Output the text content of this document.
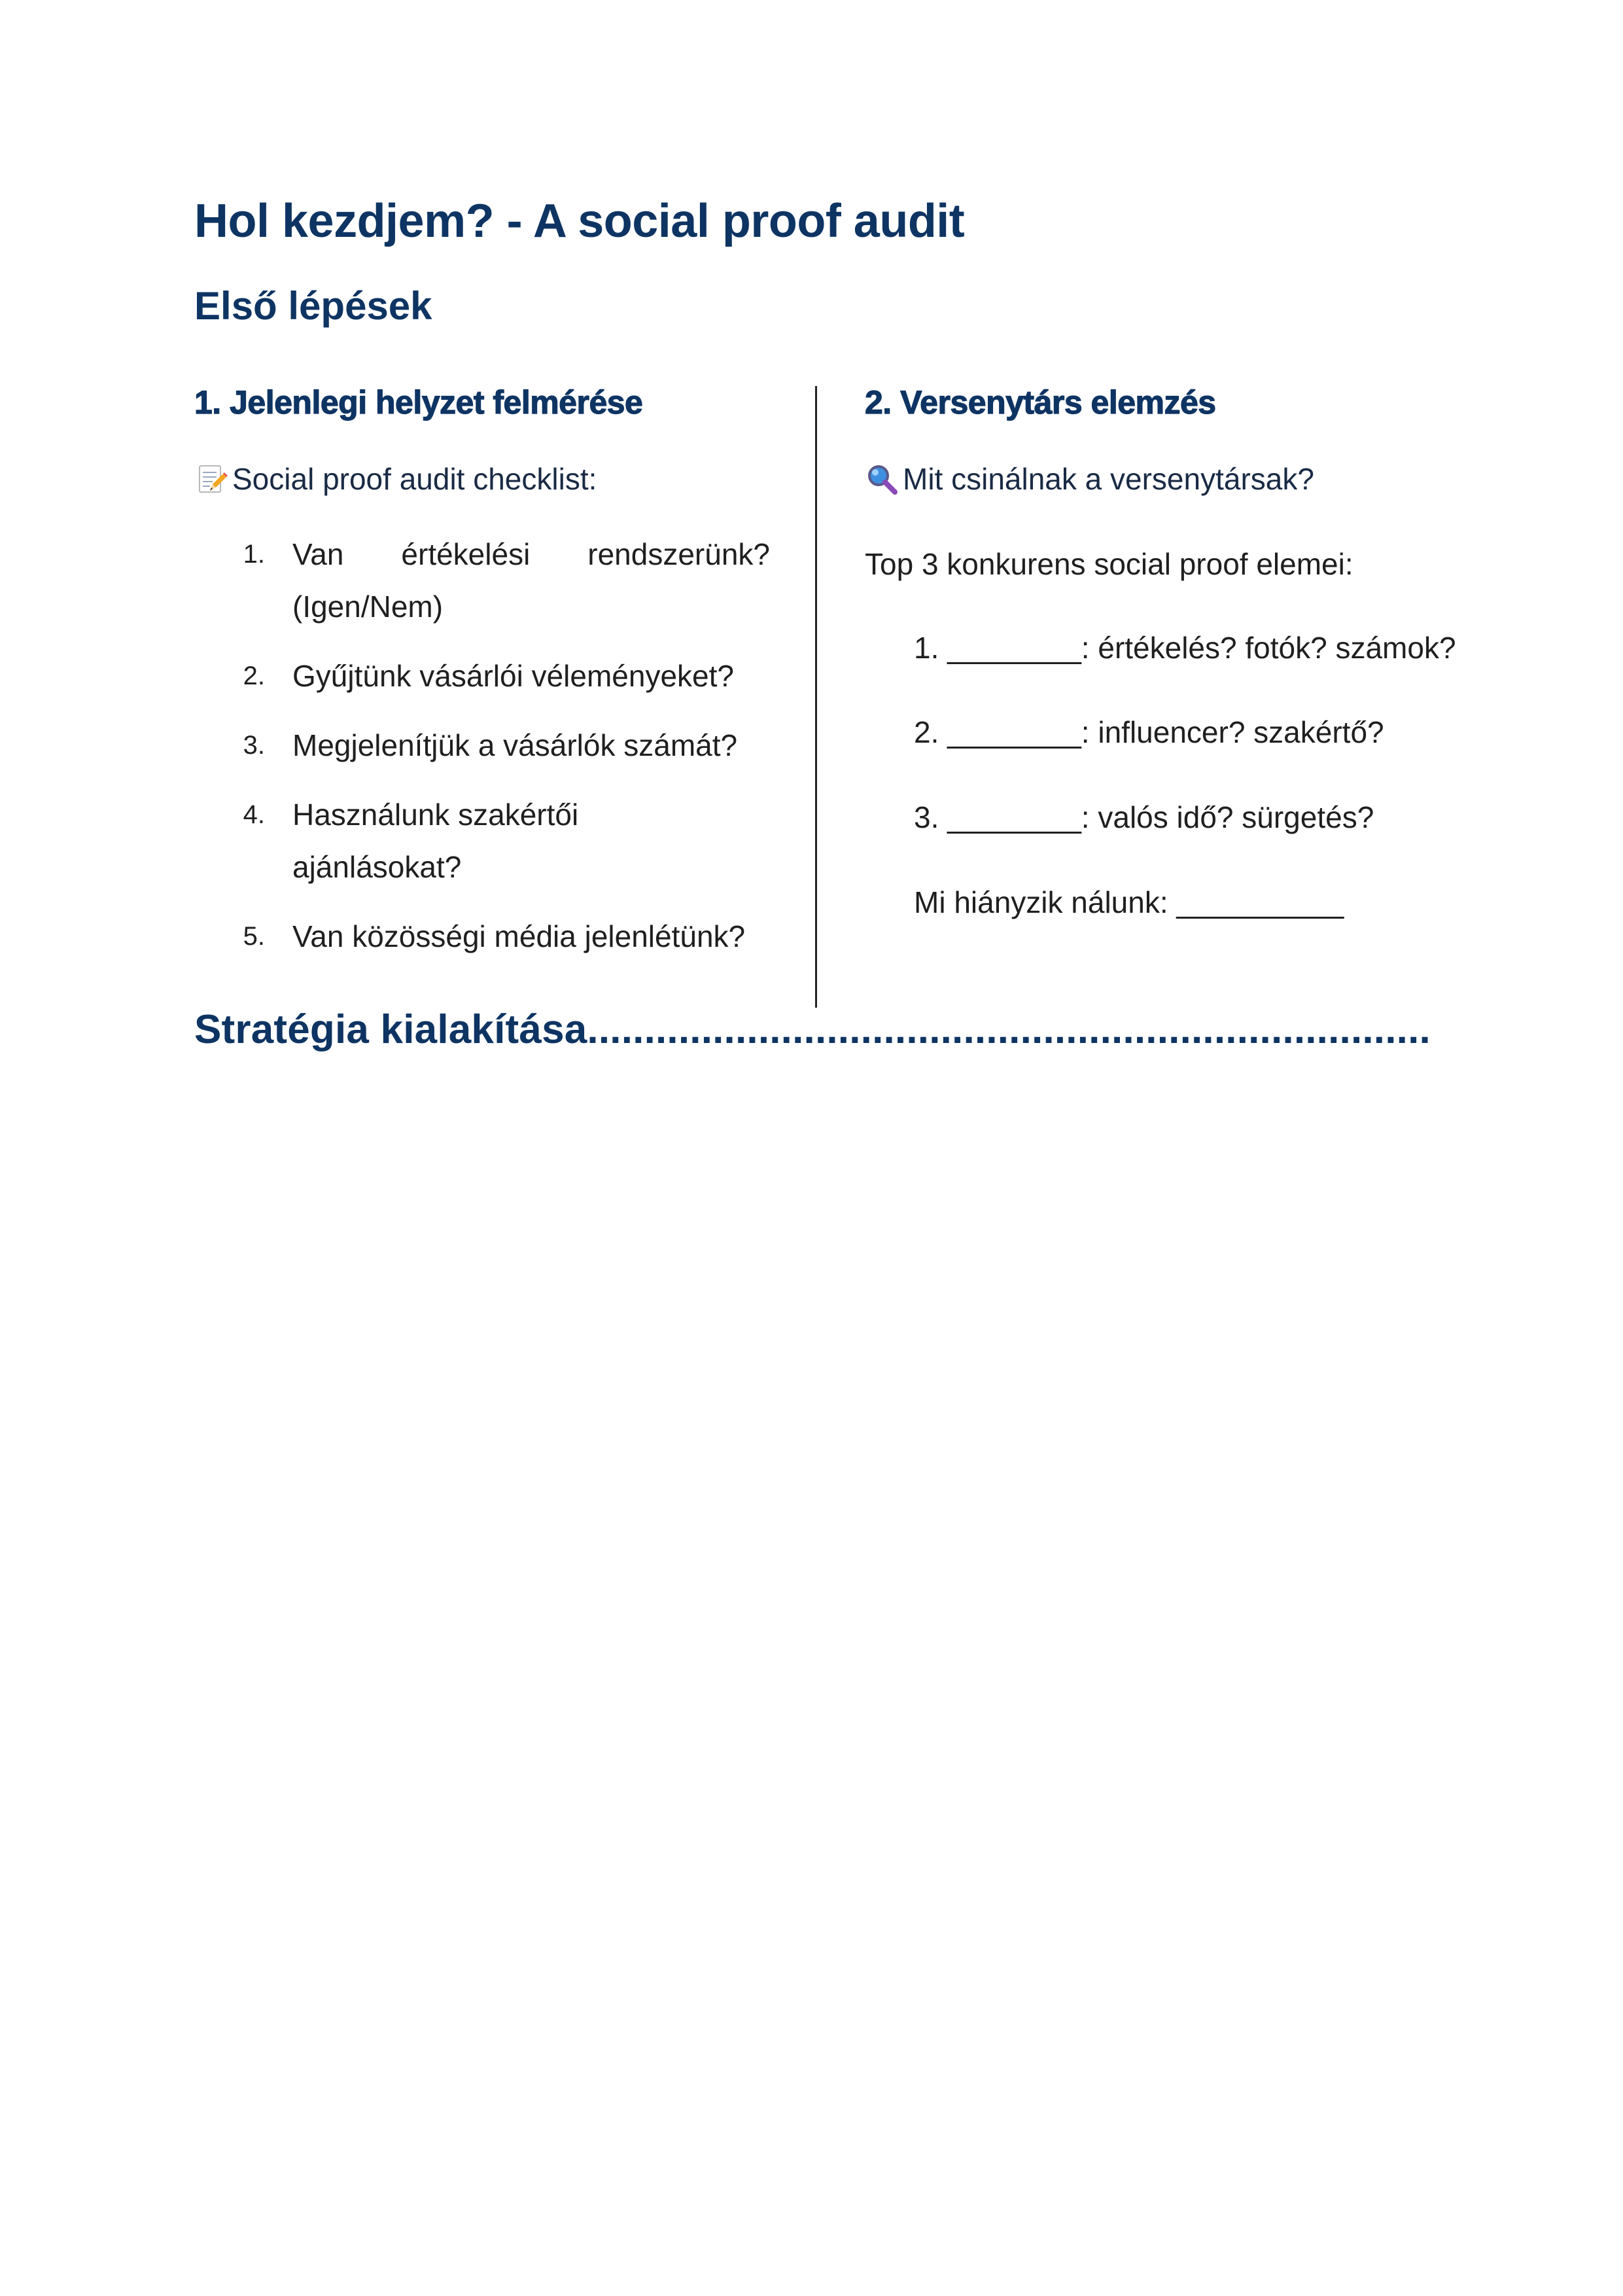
Hol kezdjem? - A social proof audit
Első lépések
1. Jelenlegi helyzet felmérése

Social proof audit checklist:

1. Van értékelési rendszerünk? (Igen/Nem)
2. Gyűjtünk vásárlói véleményeket?
3. Megjelenítjük a vásárlók számát?
4. Használunk szakértői ajánlásokat?
5. Van közösségi média jelenlétünk?
2. Versenytárs elemzés

Mit csinálnak a versenytársak?

Top 3 konkurens social proof elemei:

1. ________: értékelés? fotók? számok?
2. ________: influencer? szakértő?
3. ________: valós idő? sürgetés?

Mi hiányzik nálunk: __________

Stratégia kialakítása..........................................................................
